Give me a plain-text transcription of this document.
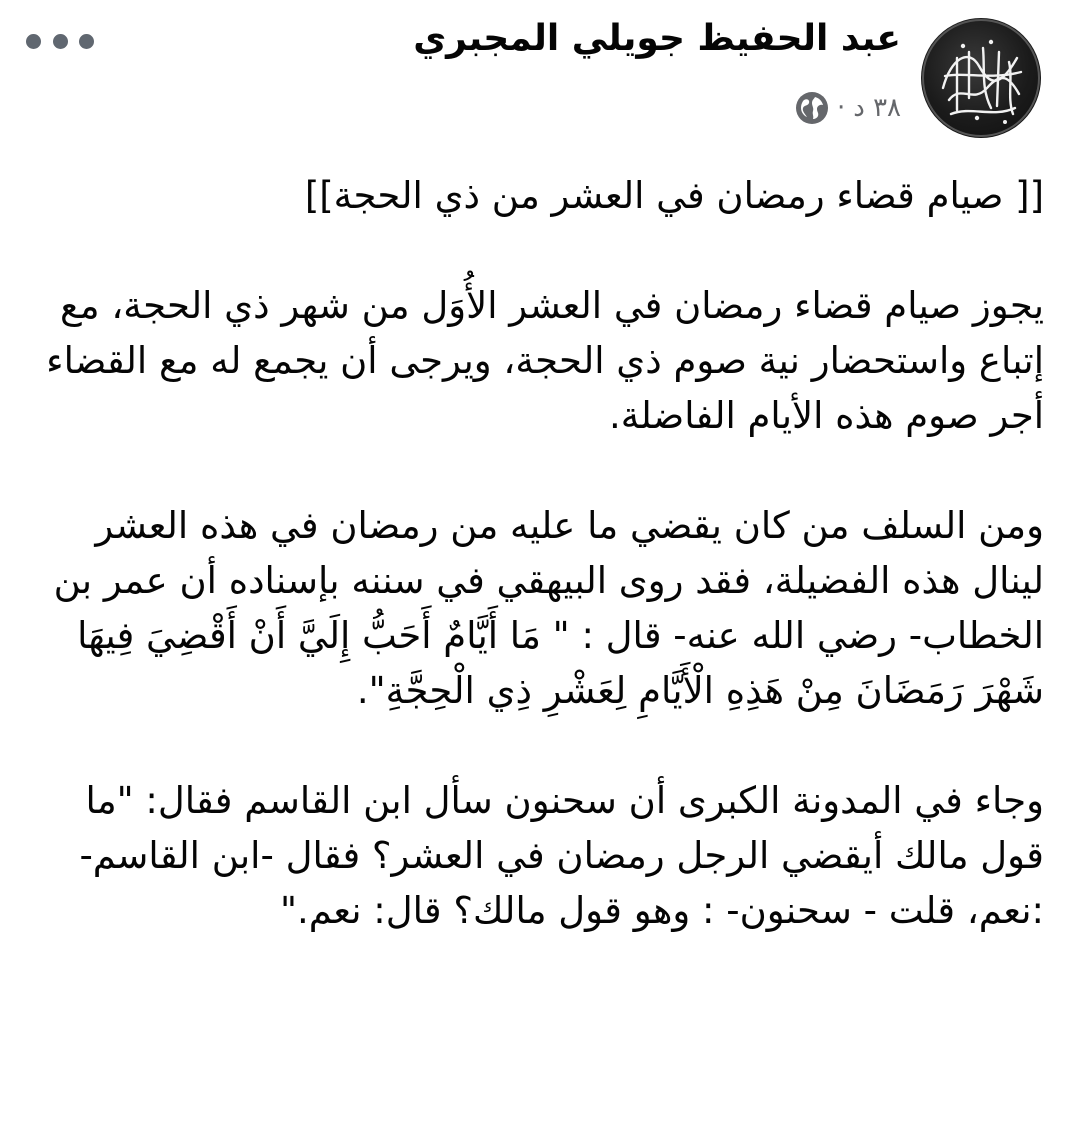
عبد الحفيظ جويلي المجبري
٣٨ د
·

[[ صيام قضاء رمضان في العشر من ذي الحجة]]

يجوز صيام قضاء رمضان في العشر الأُوَل من شهر ذي الحجة، مع إتباع واستحضار نية صوم ذي الحجة، ويرجى أن يجمع له مع القضاء أجر صوم هذه الأيام الفاضلة.

ومن السلف من كان يقضي ما عليه من رمضان في هذه العشر لينال هذه الفضيلة، فقد روى البيهقي في سننه بإسناده أن عمر بن الخطاب- رضي الله عنه- قال : " مَا أَيَّامٌ أَحَبُّ إِلَيَّ أَنْ أَقْضِيَ فِيهَا شَهْرَ رَمَضَانَ مِنْ هَذِهِ الْأَيَّامِ لِعَشْرِ ذِي الْحِجَّةِ".

وجاء في المدونة الكبرى أن سحنون سأل ابن القاسم فقال: "ما قول مالك أيقضي الرجل رمضان في العشر؟ فقال -ابن القاسم- :نعم، قلت - سحنون- : وهو قول مالك؟ قال: نعم."
